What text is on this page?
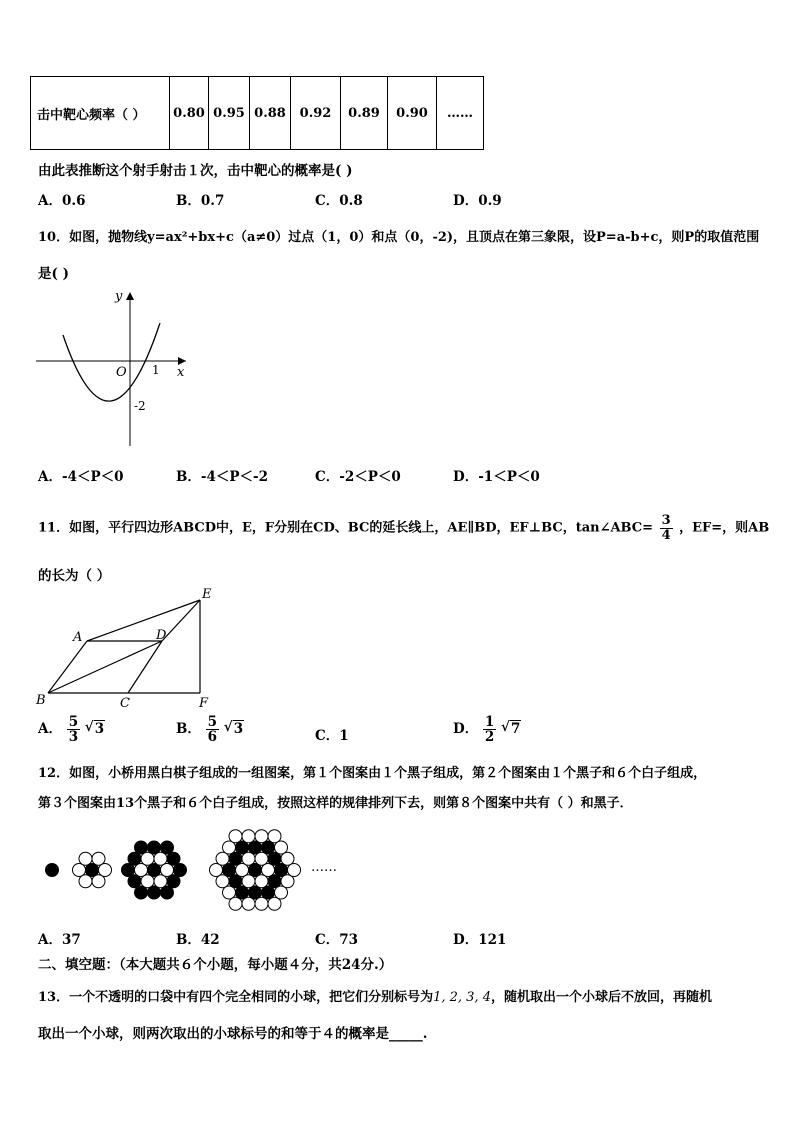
击中靶心频率（ ）	0.80	0.95	0.88	0.92	0.89	0.90	……
由此表推断这个射手射击１次，击中靶心的概率是( )
A．0.6	B．0.7	C．0.8	D．0.9
10．如图，抛物线y=ax²+bx+c（a≠0）过点（1，0）和点（0，-2)，且顶点在第三象限，设P=a-b+c，则P的取值范围
是( )
y
x
O 1
-2
A．-4＜P＜0	B．-4＜P＜-2	C．-2＜P＜0	D．-1＜P＜0
11．如图，平行四边形ABCD中，E，F分别在CD、BC的延长线上，AE∥BD，EF⊥BC，tan∠ABC= $\frac{3}{4}$ ，EF=，则AB
的长为（ ）
A
B	C
D
E
F
A． $\frac{5}{3}$ √ 3	B． $\frac{5}{6}$ √ 3	C．1	D． $\frac{1}{2}$ √ 7
12．如图，小桥用黑白棋子组成的一组图案，第１个图案由１个黑子组成，第２个图案由１个黑子和６个白子组成，
第３个图案由13个黑子和６个白子组成，按照这样的规律排列下去，则第８个图案中共有（ ）和黑子．
……
A．37	B．42	C．73	D．121
二、填空题：（本大题共６个小题，每小题４分，共24分.）
13．一个不透明的口袋中有四个完全相同的小球，把它们分别标号为1, 2, 3, 4，随机取出一个小球后不放回，再随机
取出一个小球，则两次取出的小球标号的和等于４的概率是_____.
